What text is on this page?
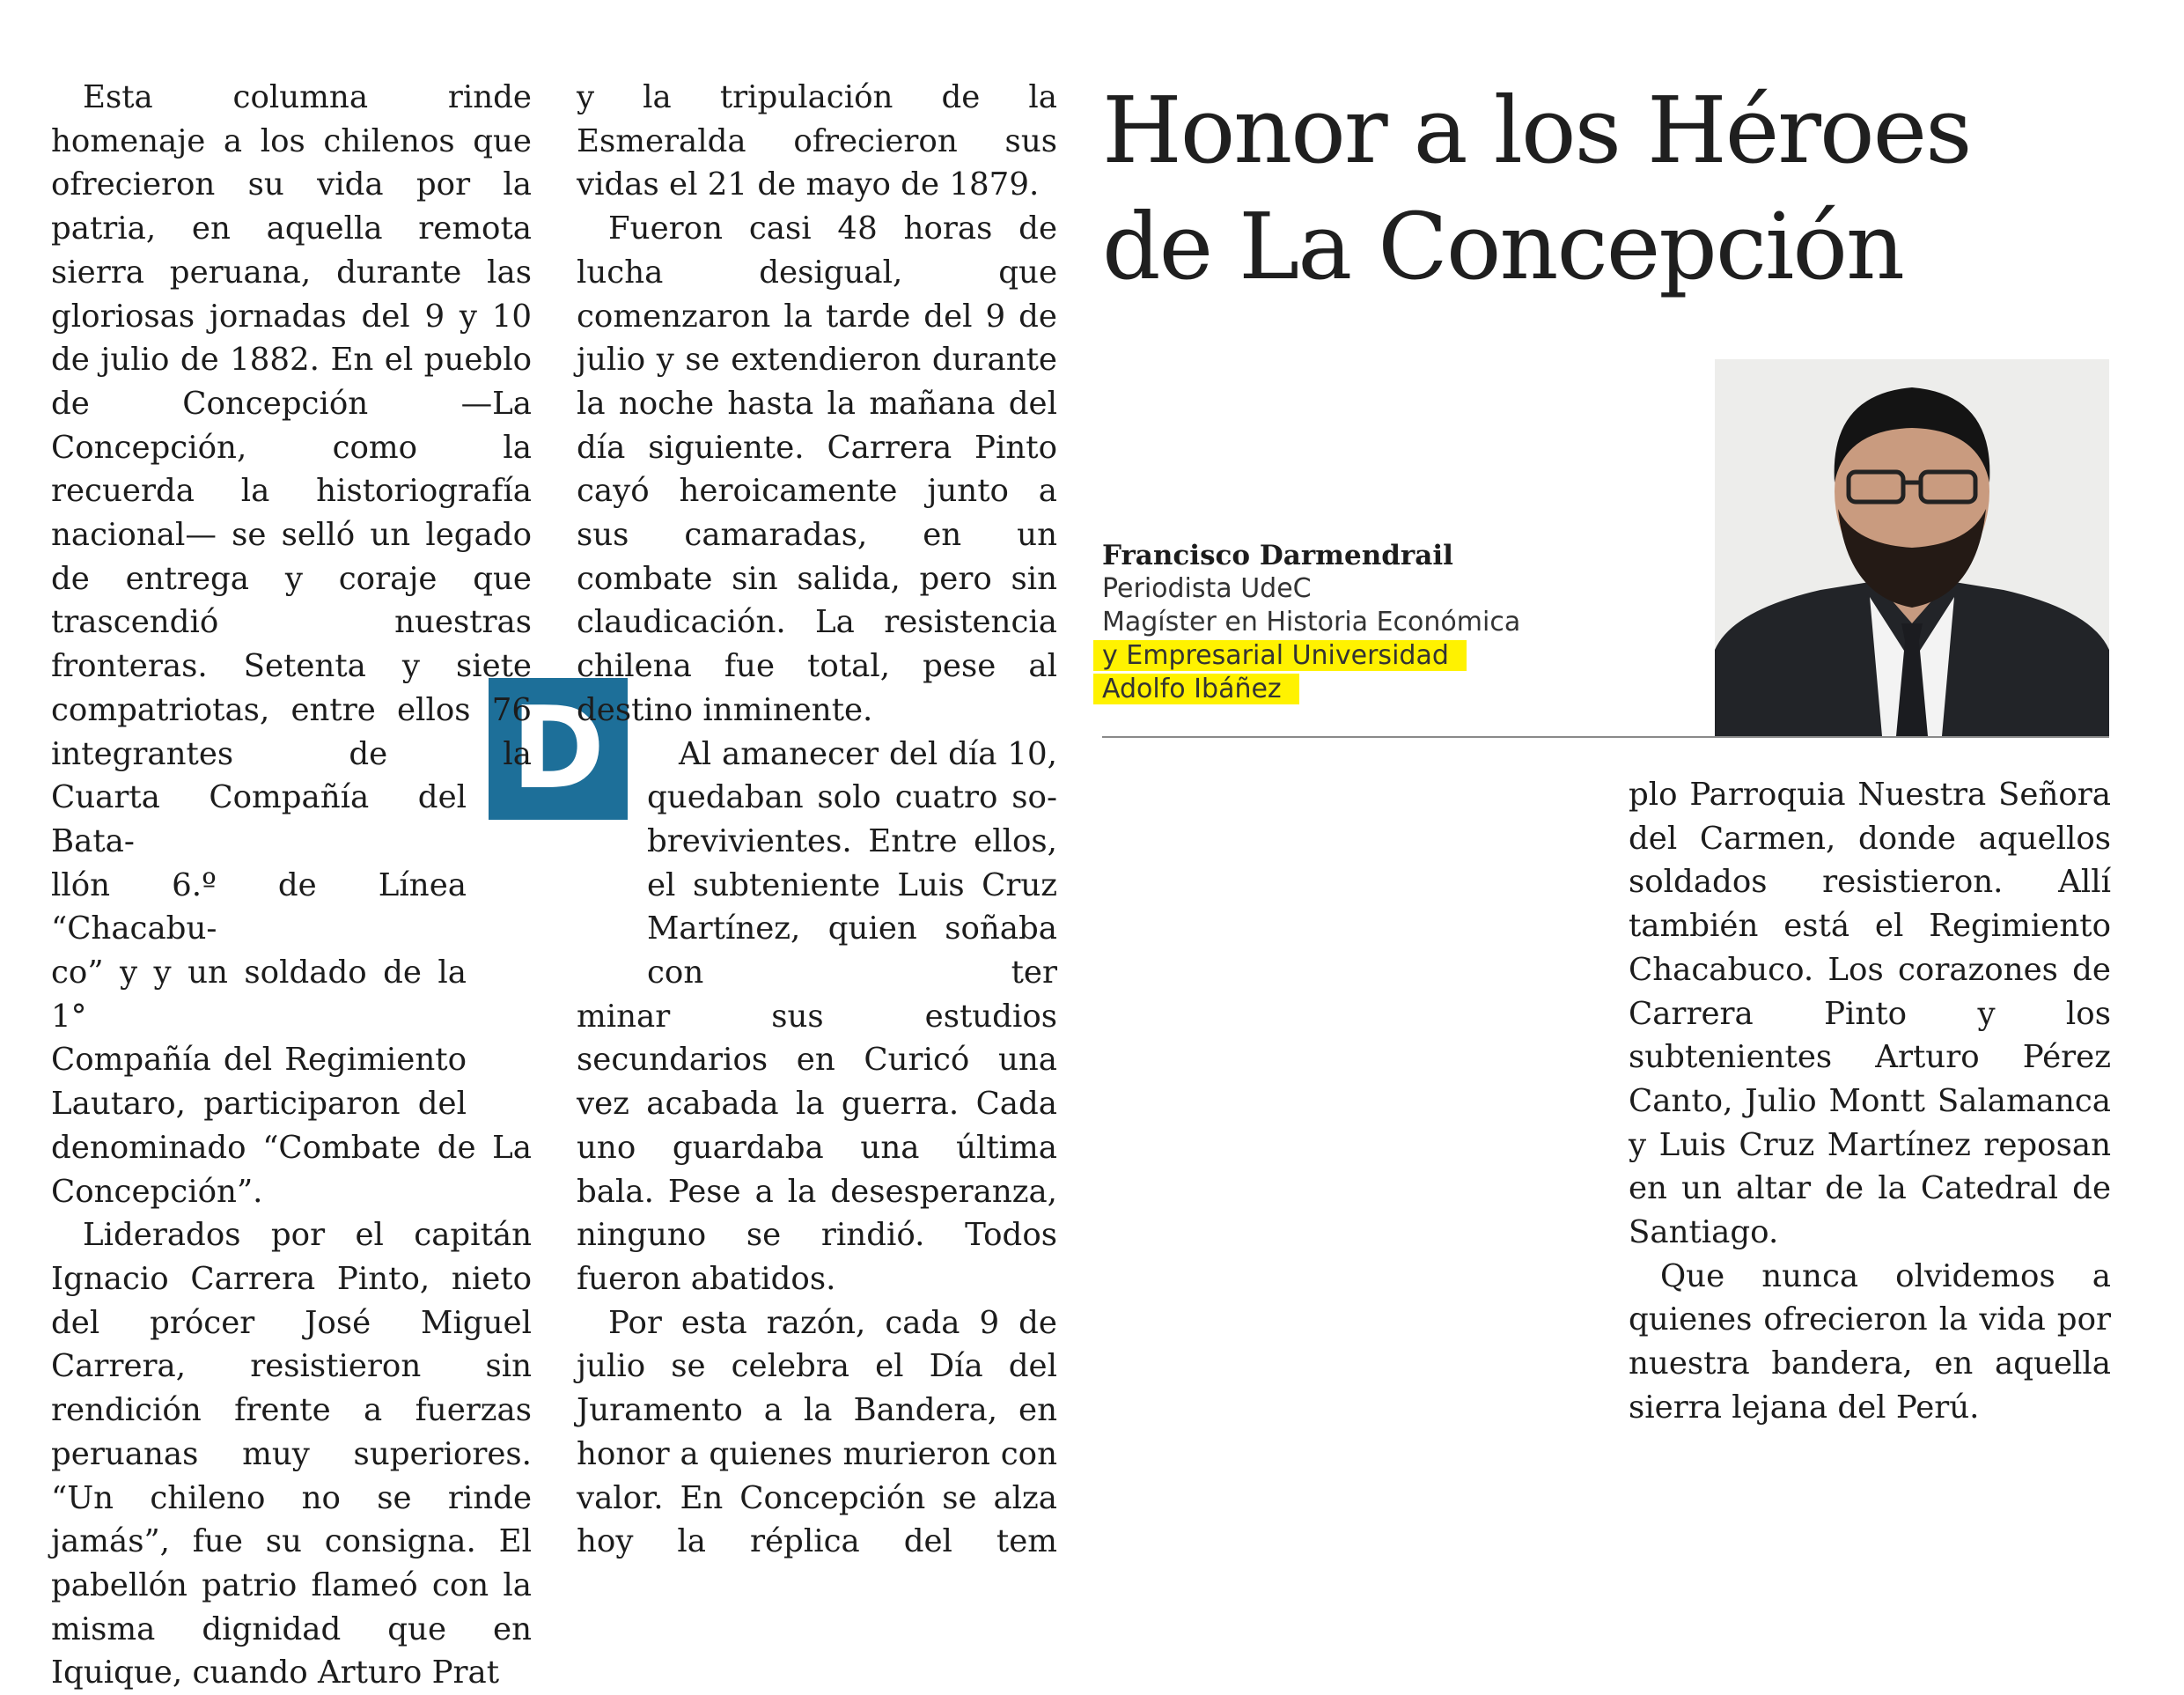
Honor a los Héroes
de La Concepción
Francisco Darmendrail
Periodista UdeC
Magíster en Historia Económica
y Empresarial Universidad
Adolfo Ibáñez
D

Esta columna rinde homenaje a los chilenos que ofrecieron su vida por la patria, en aquella remota sierra peruana, durante las gloriosas jornadas del 9 y 10 de julio de 1882. En el pueblo de Concepción —La Concepción, como la recuerda la historiografía nacional— se selló un legado de entrega y coraje que trascendió nuestras fronteras. Setenta y siete compatriotas, entre ellos 76 integrantes de la

Cuarta Compañía del Bata-

llón 6.º de Línea “Chacabu-

co” y y un soldado de la 1°

Compañía del Regimiento

Lautaro, participaron del

denominado “Combate de La Concepción”.

Liderados por el capitán Ignacio Carrera Pinto, nieto del prócer José Miguel Carrera, resistieron sin rendición frente a fuerzas peruanas muy superiores. “Un chileno no se rinde jamás”, fue su consigna. El pabellón patrio flameó con la misma dignidad que en Iquique, cuando Arturo Prat

y la tripulación de la Esmeralda ofrecieron sus vidas el 21 de mayo de 1879.

Fueron casi 48 horas de lucha desigual, que comenzaron la tarde del 9 de julio y se extendieron durante la noche hasta la mañana del día siguiente. Carrera Pinto cayó heroicamente junto a sus camaradas, en un combate sin salida, pero sin claudicación. La resistencia chilena fue total, pese al destino inminente.

Al amanecer del día 10, quedaban solo cuatro sobrevivientes. Entre ellos, el subteniente Luis Cruz Martínez, quien soñaba con ter

minar sus estudios secundarios en Curicó una vez acabada la guerra. Cada uno guardaba una última bala. Pese a la desesperanza, ninguno se rindió. Todos fueron abatidos.

Por esta razón, cada 9 de julio se celebra el Día del Juramento a la Bandera, en honor a quienes murieron con valor. En Concepción se alza hoy la réplica del tem

plo Parroquia Nuestra Señora del Carmen, donde aquellos soldados resistieron. Allí también está el Regimiento Chacabuco. Los corazones de Carrera Pinto y los subtenientes Arturo Pérez Canto, Julio Montt Salamanca y Luis Cruz Martínez reposan en un altar de la Catedral de Santiago.

Que nunca olvidemos a quienes ofrecieron la vida por nuestra bandera, en aquella sierra lejana del Perú.
